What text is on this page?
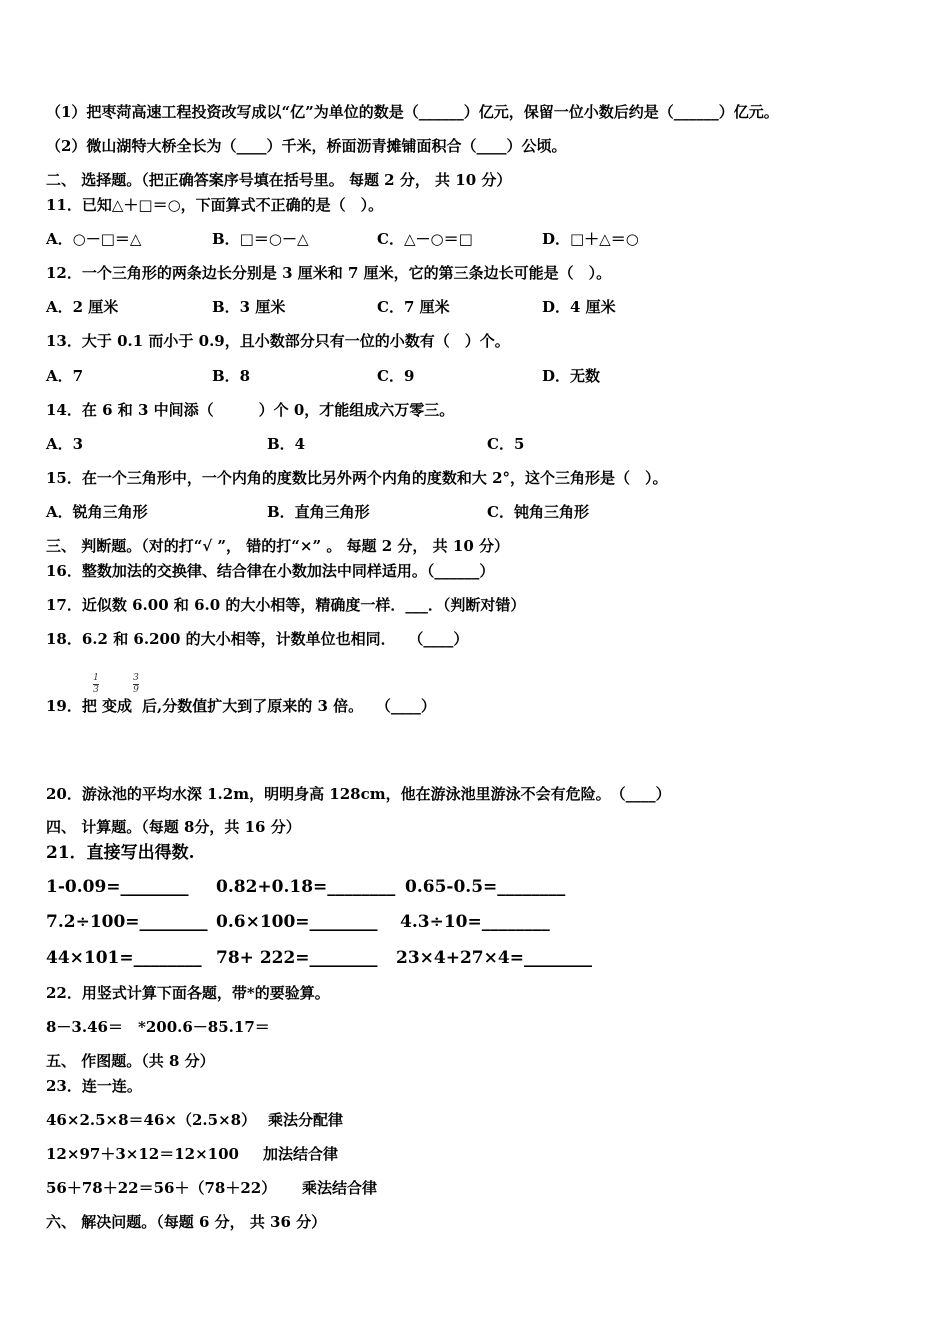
（1）把枣菏高速工程投资改写成以“亿”为单位的数是（______）亿元，保留一位小数后约是（______）亿元。
（2）微山湖特大桥全长为（____）千米，桥面沥青摊铺面积合（____）公顷。
二、 选择题。（把正确答案序号填在括号里。 每题 2 分， 共 10 分）
11．已知△＋□＝○，下面算式不正确的是（　）。
A．○－□＝△	B．□＝○－△	C．△－○＝□	D．□＋△＝○
12．一个三角形的两条边长分别是 3 厘米和 7 厘米，它的第三条边长可能是（　）。
A．2 厘米	B．3 厘米	C．7 厘米	D．4 厘米
13．大于 0.1 而小于 0.9，且小数部分只有一位的小数有（　）个。
A．7	B．8	C．9	D．无数
14．在 6 和 3 中间添（　　　）个 0，才能组成六万零三。
A．3	B．4	C．5
15．在一个三角形中，一个内角的度数比另外两个内角的度数和大 2°，这个三角形是（　）。
A．锐角三角形	B．直角三角形	C．钝角三角形
三、 判断题。（对的打“√ ”， 错的打“×” 。 每题 2 分， 共 10 分）
16．整数加法的交换律、结合律在小数加法中同样适用。（______）
17．近似数 6.00 和 6.0 的大小相等，精确度一样．___．（判断对错）
18．6.2 和 6.200 的大小相等，计数单位也相同．　 （____）
19．把
1
3
变成
3
9
后,分数值扩大到了原来的 3 倍。　 （____）
20．游泳池的平均水深 1.2m，明明身高 128cm，他在游泳池里游泳不会有危险。　（____）
四、 计算题。（每题 8分，共 16 分）
21．直接写出得数.
1-0.09=________ 0.82+0.18=________ 0.65-0.5=________
7.2÷100=________ 0.6×100=________ 4.3÷10=________
44×101=________ 78+ 222=________ 23×4+27×4=________
22．用竖式计算下面各题，带*的要验算。
8－3.46＝　*200.6－85.17＝
五、 作图题。（共 8 分）
23．连一连。
46×2.5×8＝46×（2.5×8） 乘法分配律
12×97＋3×12＝12×100 加法结合律
56＋78＋22＝56＋（78＋22） 乘法结合律
六、 解决问题。（每题 6 分， 共 36 分）
